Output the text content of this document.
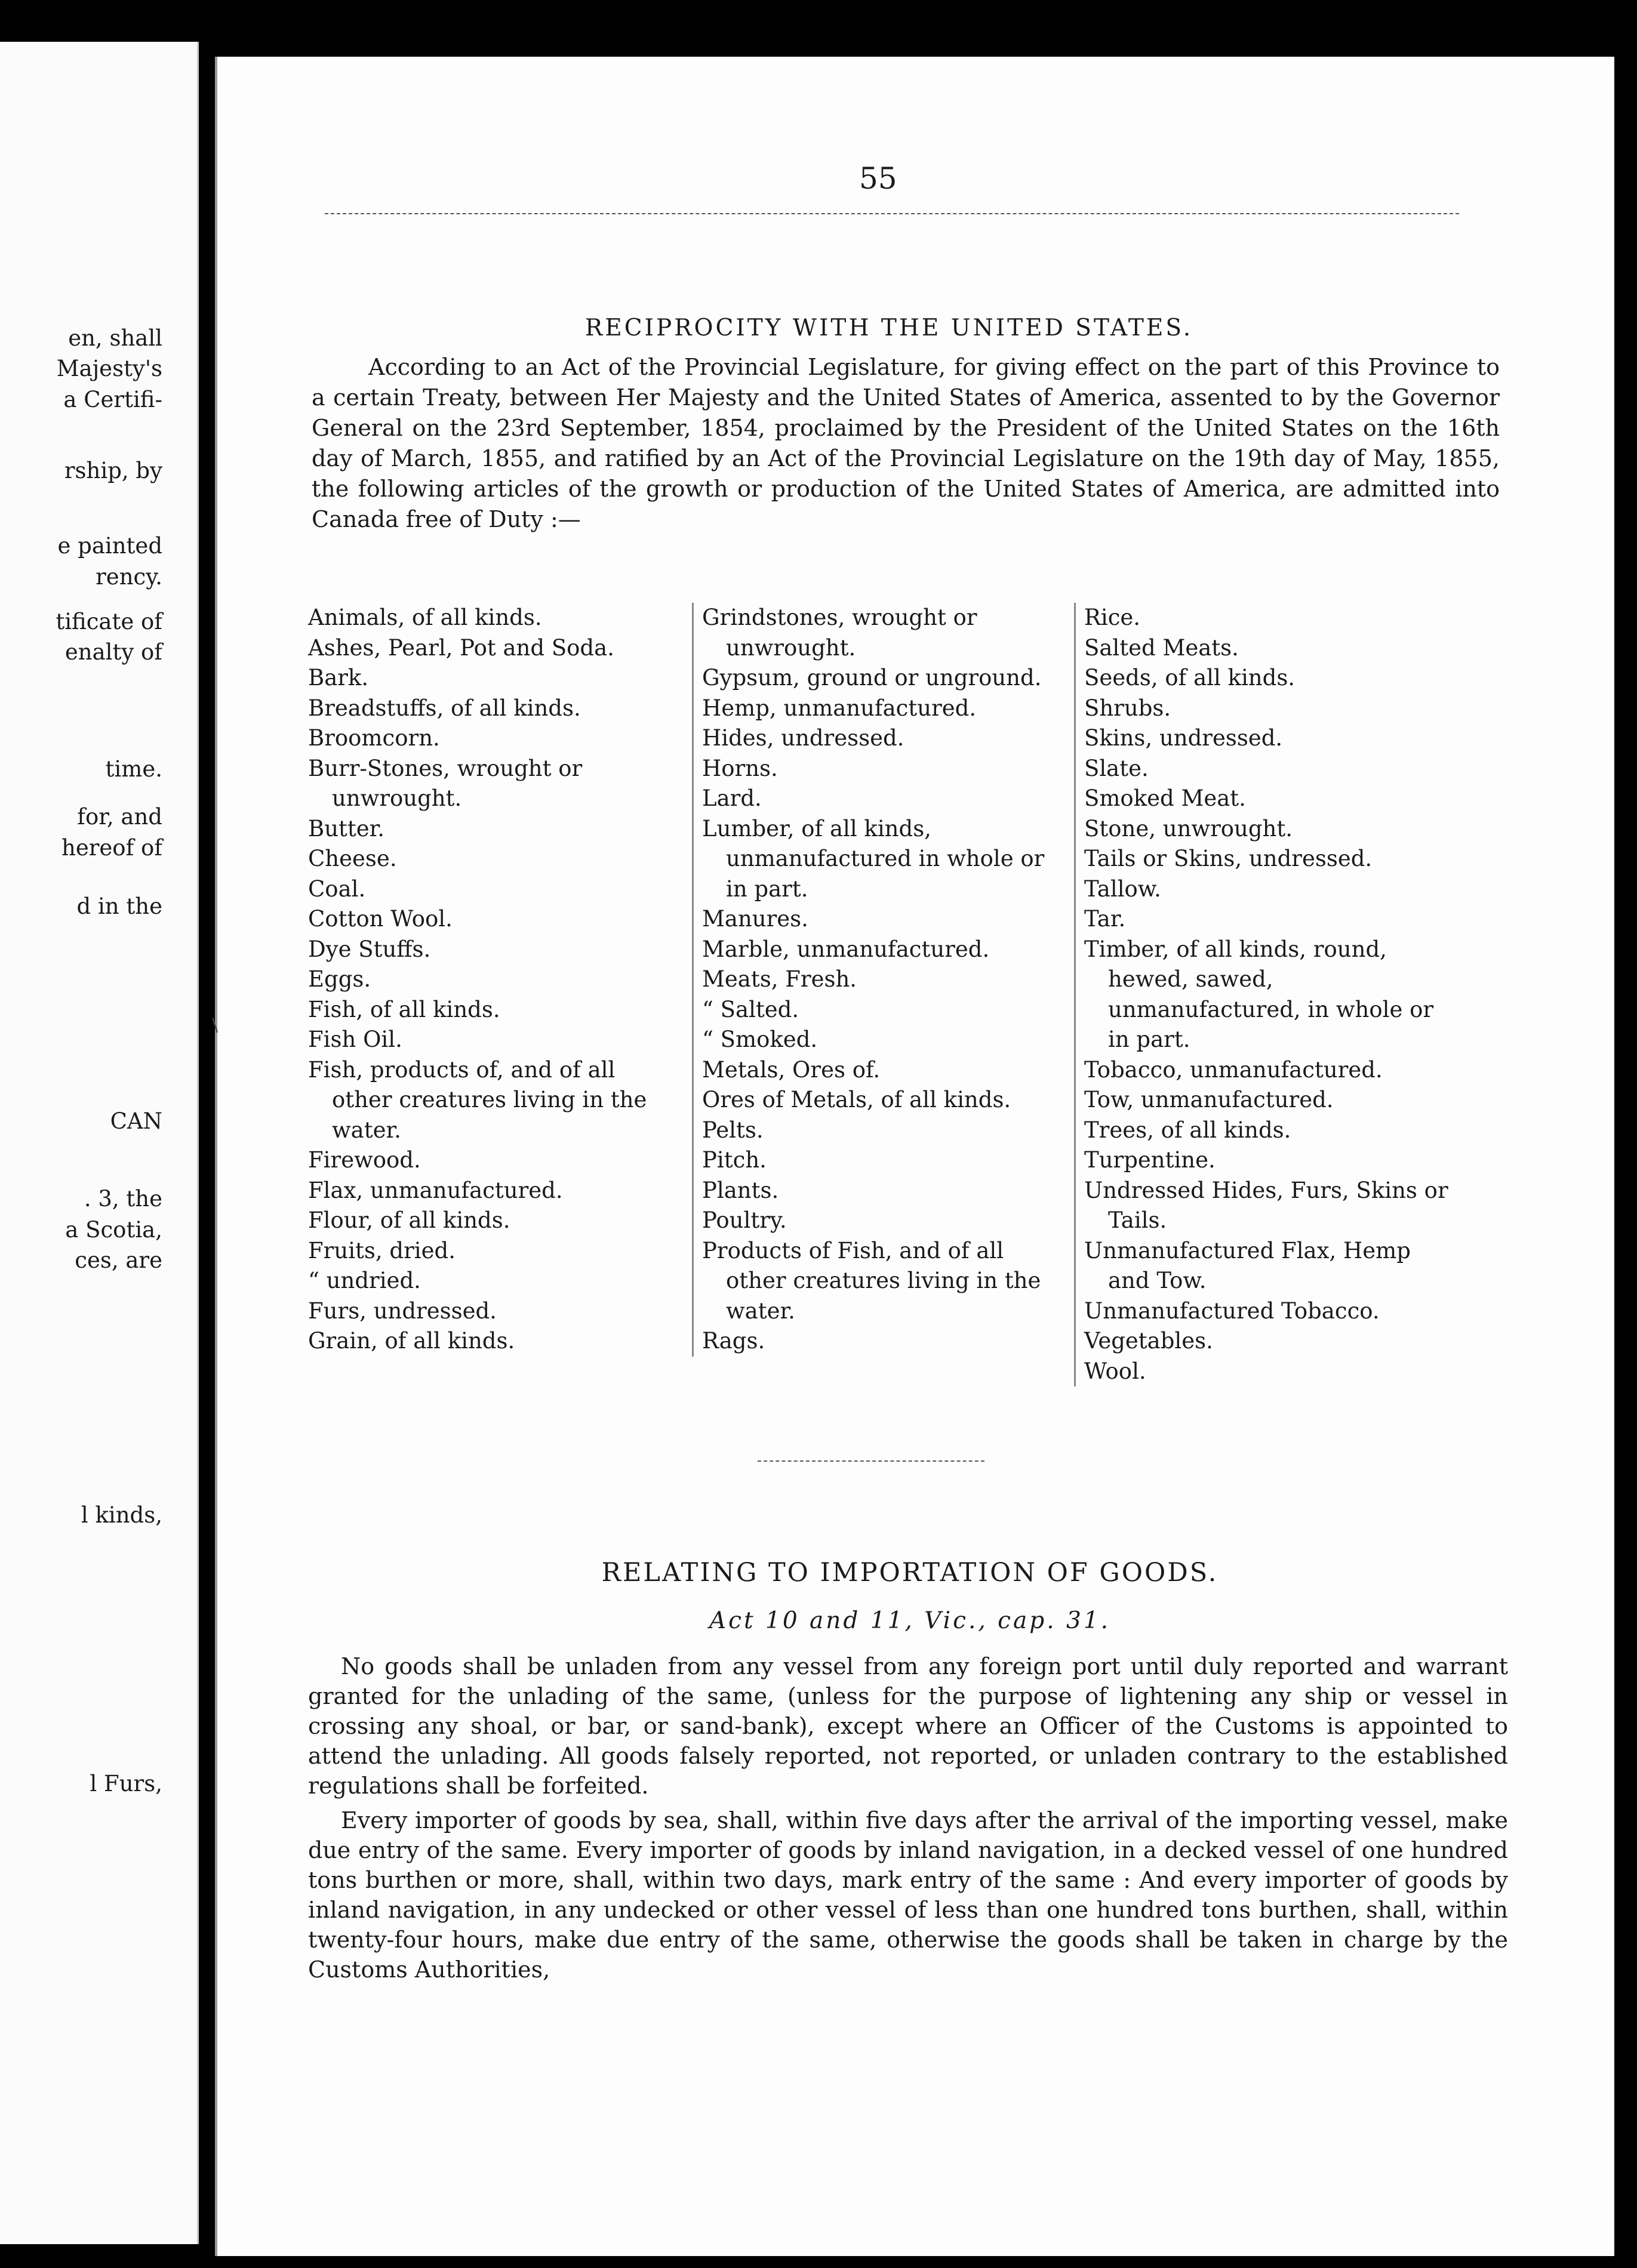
en, shall
Majesty's
a Certifi-
rship, by
e painted
rency.
tificate of
enalty of
time.
for, and
hereof of
d in the
CAN
. 3, the
a Scotia,
ces, are
l kinds,
l Furs,
55
RECIPROCITY WITH THE UNITED STATES.
According to an Act of the Provincial Legislature, for giving effect on the part of this Province to a certain Treaty, between Her Majesty and the United States of America, assented to by the Governor General on the 23rd September, 1854, proclaimed by the President of the United States on the 16th day of March, 1855, and ratified by an Act of the Provincial Legislature on the 19th day of May, 1855, the following articles of the growth or production of the United States of America, are admitted into Canada free of Duty :—
Animals, of all kinds.
Ashes, Pearl, Pot and Soda.
Bark.
Breadstuffs, of all kinds.
Broomcorn.
Burr-Stones, wrought or unwrought.
Butter.
Cheese.
Coal.
Cotton Wool.
Dye Stuffs.
Eggs.
Fish, of all kinds.
Fish Oil.
Fish, products of, and of all other creatures living in the water.
Firewood.
Flax, unmanufactured.
Flour, of all kinds.
Fruits, dried.
“ undried.
Furs, undressed.
Grain, of all kinds.
Grindstones, wrought or unwrought.
Gypsum, ground or unground.
Hemp, unmanufactured.
Hides, undressed.
Horns.
Lard.
Lumber, of all kinds, unmanufactured in whole or in part.
Manures.
Marble, unmanufactured.
Meats, Fresh.
“ Salted.
“ Smoked.
Metals, Ores of.
Ores of Metals, of all kinds.
Pelts.
Pitch.
Plants.
Poultry.
Products of Fish, and of all other creatures living in the water.
Rags.
Rice.
Salted Meats.
Seeds, of all kinds.
Shrubs.
Skins, undressed.
Slate.
Smoked Meat.
Stone, unwrought.
Tails or Skins, undressed.
Tallow.
Tar.
Timber, of all kinds, round, hewed, sawed, unmanufactured, in whole or in part.
Tobacco, unmanufactured.
Tow, unmanufactured.
Trees, of all kinds.
Turpentine.
Undressed Hides, Furs, Skins or Tails.
Unmanufactured Flax, Hemp and Tow.
Unmanufactured Tobacco.
Vegetables.
Wool.
RELATING TO IMPORTATION OF GOODS.
Act 10 and 11, Vic., cap. 31.
No goods shall be unladen from any vessel from any foreign port until duly reported and warrant granted for the unlading of the same, (unless for the purpose of lightening any ship or vessel in crossing any shoal, or bar, or sand-bank), except where an Officer of the Customs is appointed to attend the unlading. All goods falsely reported, not reported, or unladen contrary to the established regulations shall be forfeited.
Every importer of goods by sea, shall, within five days after the arrival of the importing vessel, make due entry of the same. Every importer of goods by inland navigation, in a decked vessel of one hundred tons burthen or more, shall, within two days, mark entry of the same : And every importer of goods by inland navigation, in any undecked or other vessel of less than one hundred tons burthen, shall, within twenty-four hours, make due entry of the same, otherwise the goods shall be taken in charge by the Customs Authorities,
\
